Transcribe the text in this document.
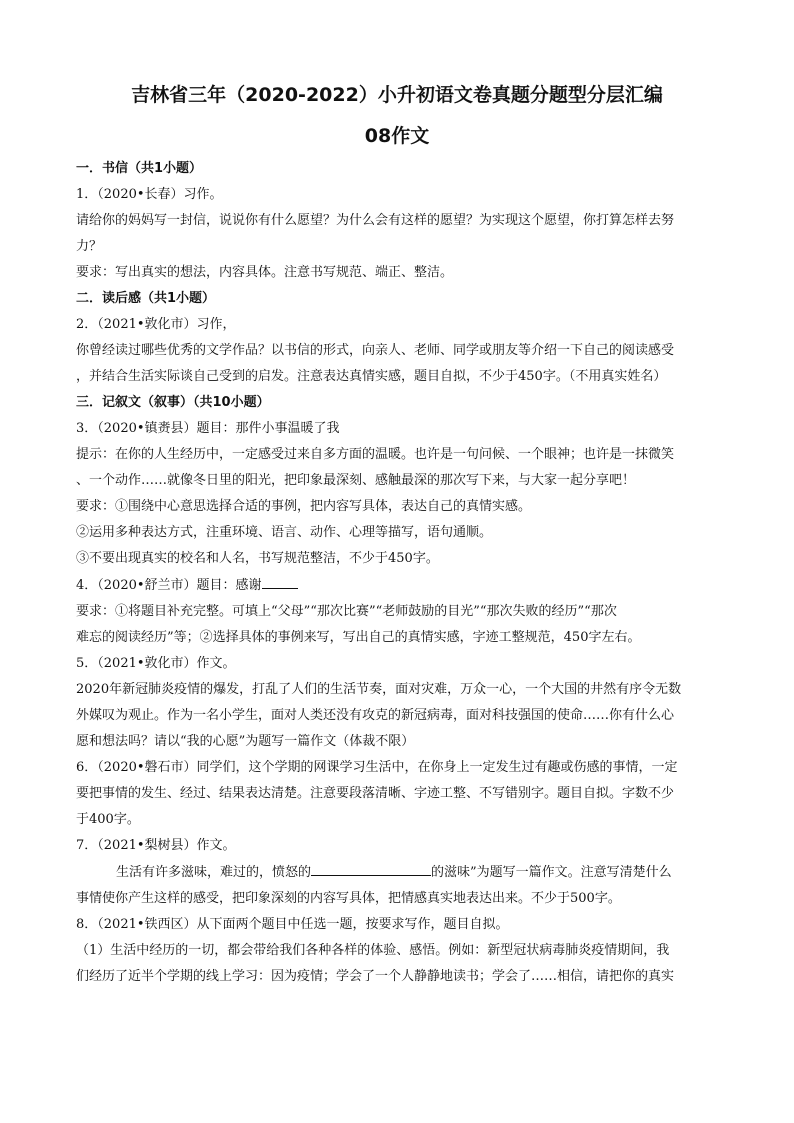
吉林省三年（2020-2022）小升初语文卷真题分题型分层汇编
08作文

一．书信（共1小题）

1．（2020•长春）习作。

请给你的妈妈写一封信，说说你有什么愿望？为什么会有这样的愿望？为实现这个愿望，你打算怎样去努

力？

要求：写出真实的想法，内容具体。注意书写规范、端正、整洁。

二．读后感（共1小题）

2．（2021•敦化市）习作，

你曾经读过哪些优秀的文学作品？以书信的形式，向亲人、老师、同学或朋友等介绍一下自己的阅读感受

，并结合生活实际谈自己受到的启发。注意表达真情实感，题目自拟，不少于450字。（不用真实姓名）

三．记叙文（叙事）（共10小题）

3．（2020•镇赉县）题目：那件小事温暖了我

提示：在你的人生经历中，一定感受过来自多方面的温暖。也许是一句问候、一个眼神；也许是一抹微笑

、一个动作……就像冬日里的阳光，把印象最深刻、感触最深的那次写下来，与大家一起分享吧！

要求：①围绕中心意思选择合适的事例，把内容写具体，表达自己的真情实感。

②运用多种表达方式，注重环境、语言、动作、心理等描写，语句通顺。

③不要出现真实的校名和人名，书写规范整洁，不少于450字。

4．（2020•舒兰市）题目：感谢

要求：①将题目补充完整。可填上“父母”“那次比赛”“老师鼓励的目光”“那次失败的经历”“那次

难忘的阅读经历”等；②选择具体的事例来写，写出自己的真情实感，字迹工整规范，450字左右。

5．（2021•敦化市）作文。

2020年新冠肺炎疫情的爆发，打乱了人们的生活节奏，面对灾难，万众一心，一个大国的井然有序令无数

外媒叹为观止。作为一名小学生，面对人类还没有攻克的新冠病毒，面对科技强国的使命……你有什么心

愿和想法吗？请以“我的心愿”为题写一篇作文（体裁不限）

6．（2020•磐石市）同学们，这个学期的网课学习生活中，在你身上一定发生过有趣或伤感的事情，一定

要把事情的发生、经过、结果表达清楚。注意要段落清晰、字迹工整、不写错别字。题目自拟。字数不少

于400字。

7．（2021•梨树县）作文。

生活有许多滋味，难过的，愤怒的	的滋味”为题写一篇作文。注意写清楚什么

事情使你产生这样的感受，把印象深刻的内容写具体，把情感真实地表达出来。不少于500字。

8．（2021•铁西区）从下面两个题目中任选一题，按要求写作，题目自拟。

（1）生活中经历的一切，都会带给我们各种各样的体验、感悟。例如：新型冠状病毒肺炎疫情期间，我

们经历了近半个学期的线上学习：因为疫情；学会了一个人静静地读书；学会了……相信，请把你的真实
